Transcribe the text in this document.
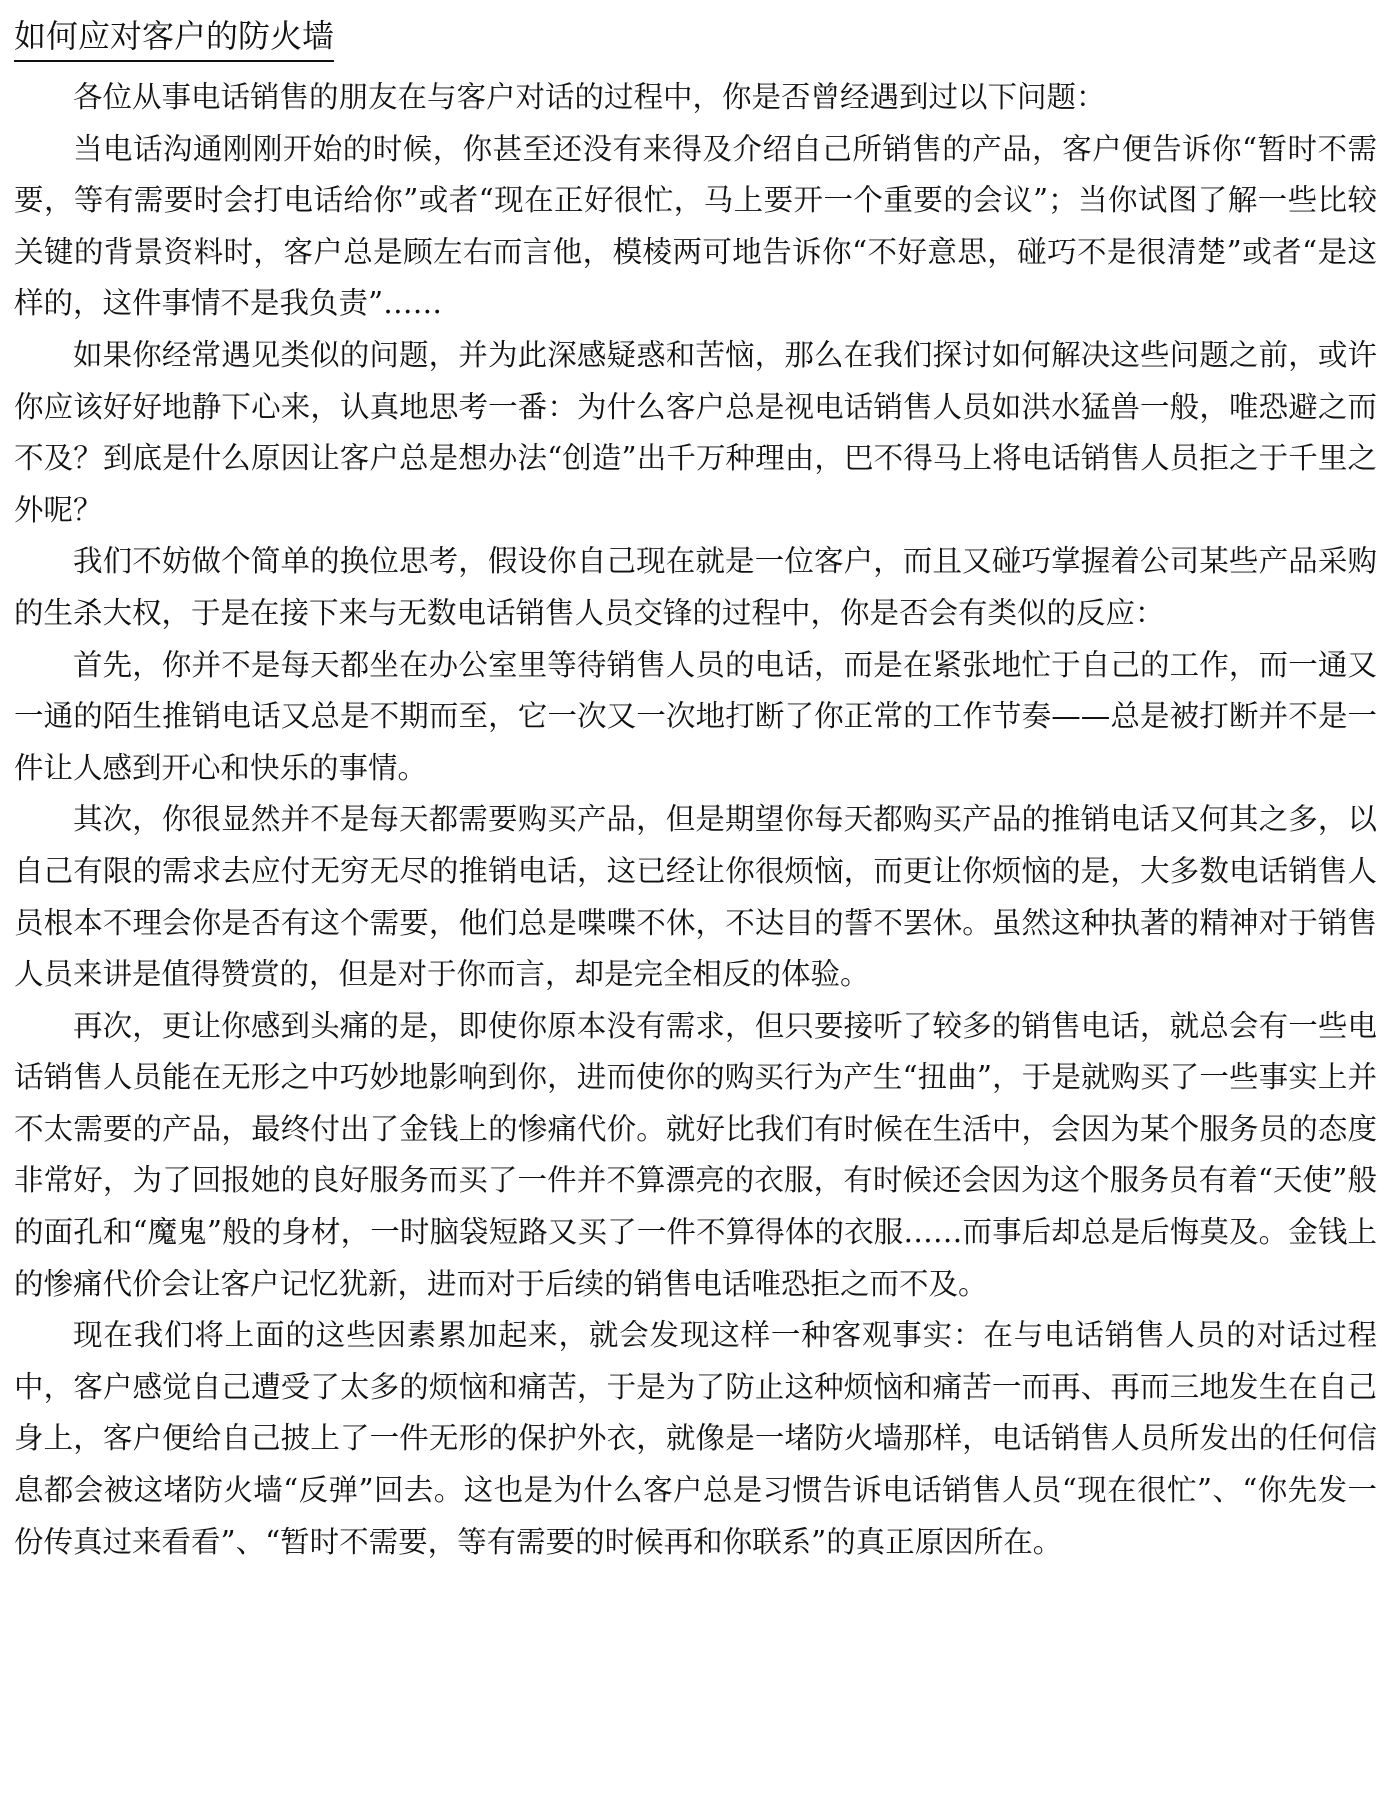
如何应对客户的防火墙

各位从事电话销售的朋友在与客户对话的过程中，你是否曾经遇到过以下问题：

当电话沟通刚刚开始的时候，你甚至还没有来得及介绍自己所销售的产品，客户便告诉你“暂时不需要，等有需要时会打电话给你”或者“现在正好很忙，马上要开一个重要的会议”；当你试图了解一些比较关键的背景资料时，客户总是顾左右而言他，模棱两可地告诉你“不好意思，碰巧不是很清楚”或者“是这样的，这件事情不是我负责”……

如果你经常遇见类似的问题，并为此深感疑惑和苦恼，那么在我们探讨如何解决这些问题之前，或许你应该好好地静下心来，认真地思考一番：为什么客户总是视电话销售人员如洪水猛兽一般，唯恐避之而不及？到底是什么原因让客户总是想办法“创造”出千万种理由，巴不得马上将电话销售人员拒之于千里之外呢？

我们不妨做个简单的换位思考，假设你自己现在就是一位客户，而且又碰巧掌握着公司某些产品采购的生杀大权，于是在接下来与无数电话销售人员交锋的过程中，你是否会有类似的反应：

首先，你并不是每天都坐在办公室里等待销售人员的电话，而是在紧张地忙于自己的工作，而一通又一通的陌生推销电话又总是不期而至，它一次又一次地打断了你正常的工作节奏——总是被打断并不是一件让人感到开心和快乐的事情。

其次，你很显然并不是每天都需要购买产品，但是期望你每天都购买产品的推销电话又何其之多，以自己有限的需求去应付无穷无尽的推销电话，这已经让你很烦恼，而更让你烦恼的是，大多数电话销售人员根本不理会你是否有这个需要，他们总是喋喋不休，不达目的誓不罢休。虽然这种执著的精神对于销售人员来讲是值得赞赏的，但是对于你而言，却是完全相反的体验。

再次，更让你感到头痛的是，即使你原本没有需求，但只要接听了较多的销售电话，就总会有一些电话销售人员能在无形之中巧妙地影响到你，进而使你的购买行为产生“扭曲”，于是就购买了一些事实上并不太需要的产品，最终付出了金钱上的惨痛代价。就好比我们有时候在生活中，会因为某个服务员的态度非常好，为了回报她的良好服务而买了一件并不算漂亮的衣服，有时候还会因为这个服务员有着“天使”般的面孔和“魔鬼”般的身材，一时脑袋短路又买了一件不算得体的衣服……而事后却总是后悔莫及。金钱上的惨痛代价会让客户记忆犹新，进而对于后续的销售电话唯恐拒之而不及。

现在我们将上面的这些因素累加起来，就会发现这样一种客观事实：在与电话销售人员的对话过程中，客户感觉自己遭受了太多的烦恼和痛苦，于是为了防止这种烦恼和痛苦一而再、再而三地发生在自己身上，客户便给自己披上了一件无形的保护外衣，就像是一堵防火墙那样，电话销售人员所发出的任何信息都会被这堵防火墙“反弹”回去。这也是为什么客户总是习惯告诉电话销售人员“现在很忙”、“你先发一份传真过来看看”、“暂时不需要，等有需要的时候再和你联系”的真正原因所在。
